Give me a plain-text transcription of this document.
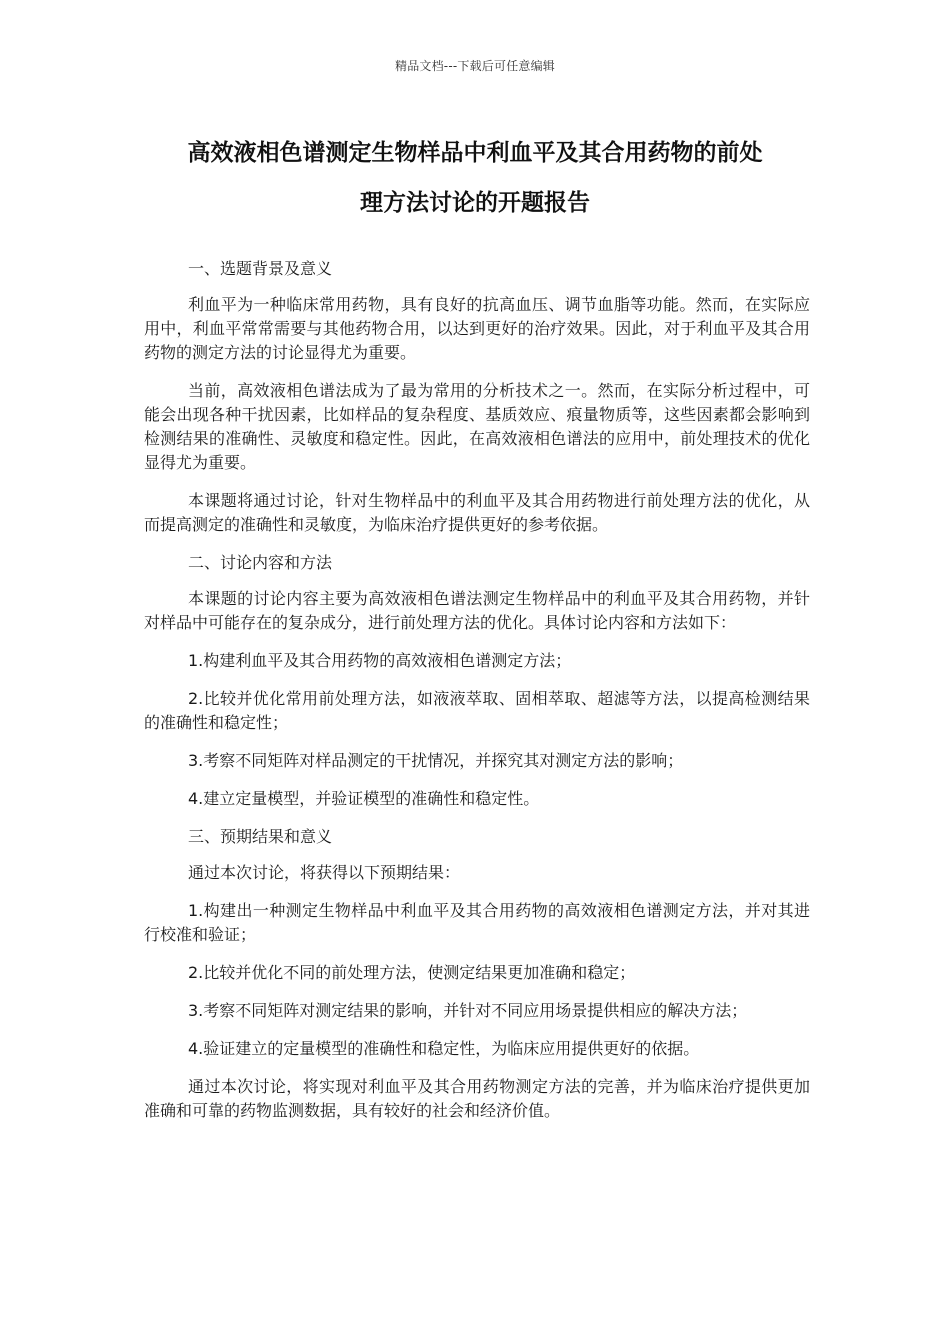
精品文档---下载后可任意编辑
高效液相色谱测定生物样品中利血平及其合用药物的前处
理方法讨论的开题报告

一、选题背景及意义

利血平为一种临床常用药物，具有良好的抗高血压、调节血脂等功能。然而，在实际应用中，利血平常常需要与其他药物合用，以达到更好的治疗效果。因此，对于利血平及其合用药物的测定方法的讨论显得尤为重要。

当前，高效液相色谱法成为了最为常用的分析技术之一。然而，在实际分析过程中，可能会出现各种干扰因素，比如样品的复杂程度、基质效应、痕量物质等，这些因素都会影响到检测结果的准确性、灵敏度和稳定性。因此，在高效液相色谱法的应用中，前处理技术的优化显得尤为重要。

本课题将通过讨论，针对生物样品中的利血平及其合用药物进行前处理方法的优化，从而提高测定的准确性和灵敏度，为临床治疗提供更好的参考依据。

二、讨论内容和方法

本课题的讨论内容主要为高效液相色谱法测定生物样品中的利血平及其合用药物，并针对样品中可能存在的复杂成分，进行前处理方法的优化。具体讨论内容和方法如下：

1.构建利血平及其合用药物的高效液相色谱测定方法；

2.比较并优化常用前处理方法，如液液萃取、固相萃取、超滤等方法，以提高检测结果的准确性和稳定性；

3.考察不同矩阵对样品测定的干扰情况，并探究其对测定方法的影响；

4.建立定量模型，并验证模型的准确性和稳定性。

三、预期结果和意义

通过本次讨论，将获得以下预期结果：

1.构建出一种测定生物样品中利血平及其合用药物的高效液相色谱测定方法，并对其进行校准和验证；

2.比较并优化不同的前处理方法，使测定结果更加准确和稳定；

3.考察不同矩阵对测定结果的影响，并针对不同应用场景提供相应的解决方法；

4.验证建立的定量模型的准确性和稳定性，为临床应用提供更好的依据。

通过本次讨论，将实现对利血平及其合用药物测定方法的完善，并为临床治疗提供更加准确和可靠的药物监测数据，具有较好的社会和经济价值。
